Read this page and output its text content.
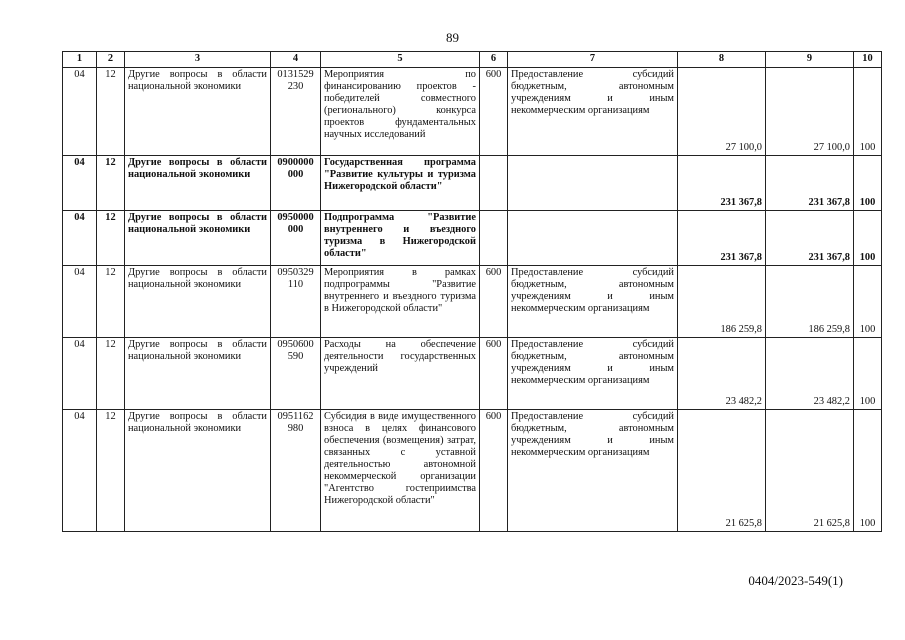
89
1	2	3	4	5	6	7	8	9	10
04	12	Другие вопросы в области национальной экономики	0131529 230	Мероприятия по финансированию проектов - победителей совместного (регионального) конкурса проектов фундаментальных научных исследований	600	Предоставление субсидий бюджетным, автономным учреждениям и иным некоммерческим организациям	27 100,0	27 100,0	100
04	12	Другие вопросы в области национальной экономики	0900000 000	Государственная программа "Развитие культуры и туризма Нижегородской области"			231 367,8	231 367,8	100
04	12	Другие вопросы в области национальной экономики	0950000 000	Подпрограмма "Развитие внутреннего и въездного туризма в Нижегородской области"			231 367,8	231 367,8	100
04	12	Другие вопросы в области национальной экономики	0950329 110	Мероприятия в рамках подпрограммы "Развитие внутреннего и въездного туризма в Нижегородской области"	600	Предоставление субсидий бюджетным, автономным учреждениям и иным некоммерческим организациям	186 259,8	186 259,8	100
04	12	Другие вопросы в области национальной экономики	0950600 590	Расходы на обеспечение деятельности государственных учреждений	600	Предоставление субсидий бюджетным, автономным учреждениям и иным некоммерческим организациям	23 482,2	23 482,2	100
04	12	Другие вопросы в области национальной экономики	0951162 980	Субсидия в виде имущественного взноса в целях финансового обеспечения (возмещения) затрат, связанных с уставной деятельностью автономной некоммерческой организации "Агентство гостеприимства Нижегородской области"	600	Предоставление субсидий бюджетным, автономным учреждениям и иным некоммерческим организациям	21 625,8	21 625,8	100
0404/2023-549(1)
